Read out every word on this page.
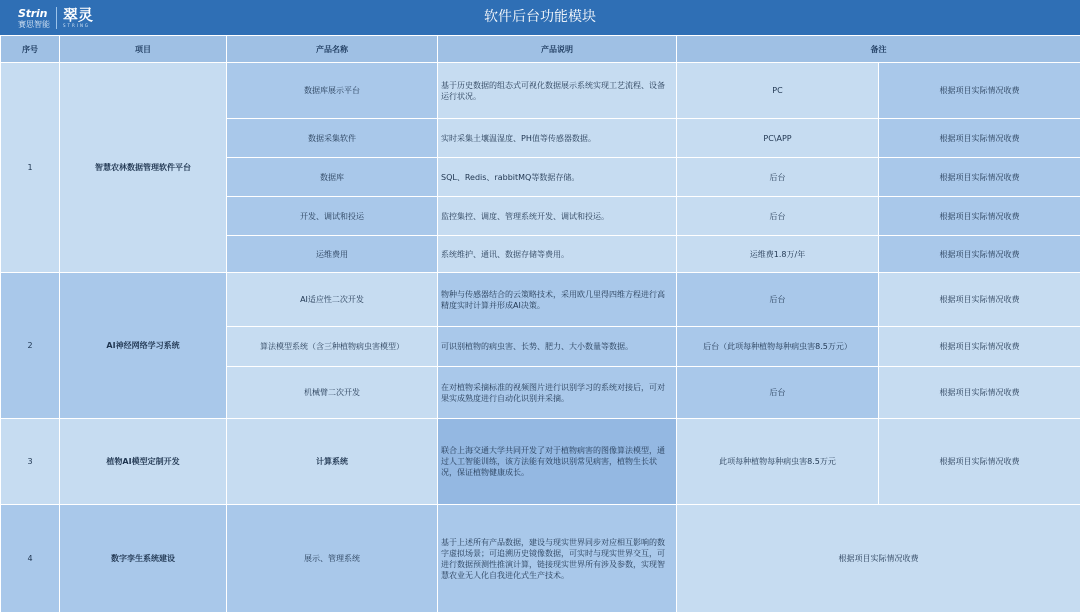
Strin
赛思智能 翠灵
STRING
软件后台功能模块
序号	项目	产品名称	产品说明	备注	
1	智慧农林数据管理软件平台	数据库展示平台	基于历史数据的组态式可视化数据展示系统实现工艺流程、设备运行状况。	PC	根据项目实际情况收费
		数据采集软件	实时采集土壤温湿度、PH值等传感器数据。	PC\APP	根据项目实际情况收费
		数据库	SQL、Redis、rabbitMQ等数据存储。	后台	根据项目实际情况收费
		开发、调试和投运	监控集控、调度、管理系统开发、调试和投运。	后台	根据项目实际情况收费
		运维费用	系统维护、通讯、数据存储等费用。	运维费1.8万/年	根据项目实际情况收费
2	AI神经网络学习系统	AI适应性二次开发	物种与传感器结合的云策略技术，采用欧几里得四维方程进行高精度实时计算并形成AI决策。	后台	根据项目实际情况收费
		算法模型系统（含三种植物病虫害模型）	可识别植物的病虫害、长势、肥力、大小数量等数据。	后台（此项每种植物每种病虫害8.5万元）	根据项目实际情况收费
		机械臂二次开发	在对植物采摘标准的视频图片进行识别学习的系统对接后，可对果实成熟度进行自动化识别并采摘。	后台	根据项目实际情况收费
3	植物AI模型定制开发	计算系统	联合上海交通大学共同开发了对于植物病害的图像算法模型，通过人工智能训练，该方法能有效地识别常见病害，植物生长状况，保证植物健康成长。	此项每种植物每种病虫害8.5万元	根据项目实际情况收费
4	数字孪生系统建设	展示、管理系统	基于上述所有产品数据，建设与现实世界同步对应相互影响的数字虚拟场景；可追溯历史镜像数据，可实时与现实世界交互，可进行数据预测性推演计算，链接现实世界所有涉及参数，实现智慧农业无人化自我进化式生产技术。	根据项目实际情况收费	
